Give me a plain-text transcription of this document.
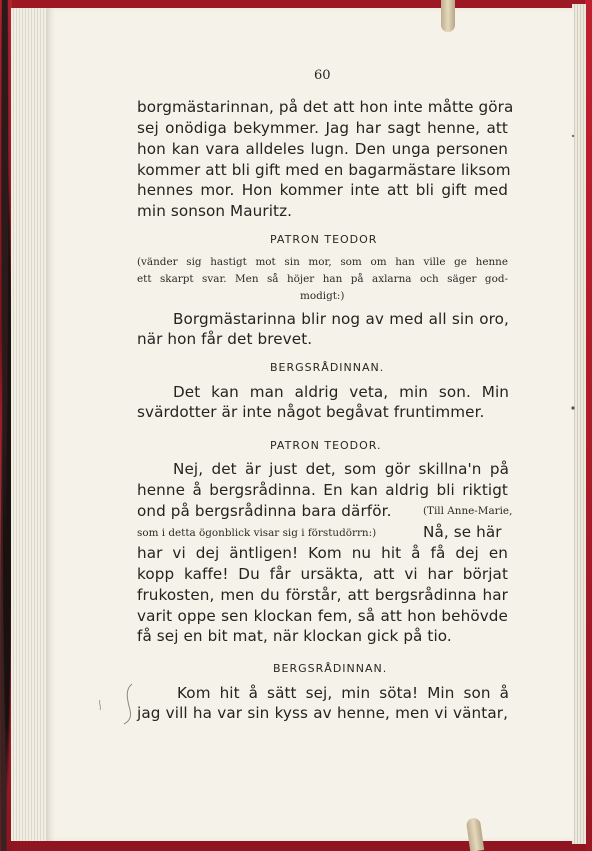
60
borgmästarinnan, på det att hon inte måtte göra
sej onödiga bekymmer. Jag har sagt henne, att
hon kan vara alldeles lugn. Den unga personen
kommer att bli gift med en bagarmästare liksom
hennes mor. Hon kommer inte att bli gift med
min sonson Mauritz.
PATRON TEODOR
(vänder sig hastigt mot sin mor, som om han ville ge henne
ett skarpt svar. Men så höjer han på axlarna och säger god-
modigt:)
Borgmästarinna blir nog av med all sin oro,
när hon får det brevet.
BERGSRÅDINNAN.
Det kan man aldrig veta, min son. Min
svärdotter är inte något begåvat fruntimmer.
PATRON TEODOR.
Nej, det är just det, som gör skillna'n på
henne å bergsrådinna. En kan aldrig bli riktigt
ond på bergsrådinna bara därför.	(Till Anne-Marie,
som i detta ögonblick visar sig i förstudörrn:)	Nå, se här
har vi dej äntligen! Kom nu hit å få dej en
kopp kaffe! Du får ursäkta, att vi har börjat
frukosten, men du förstår, att bergsrådinna har
varit oppe sen klockan fem, så att hon behövde
få sej en bit mat, när klockan gick på tio.
BERGSRÅDINNAN.
Kom hit å sätt sej, min söta! Min son å
jag vill ha var sin kyss av henne, men vi väntar,
